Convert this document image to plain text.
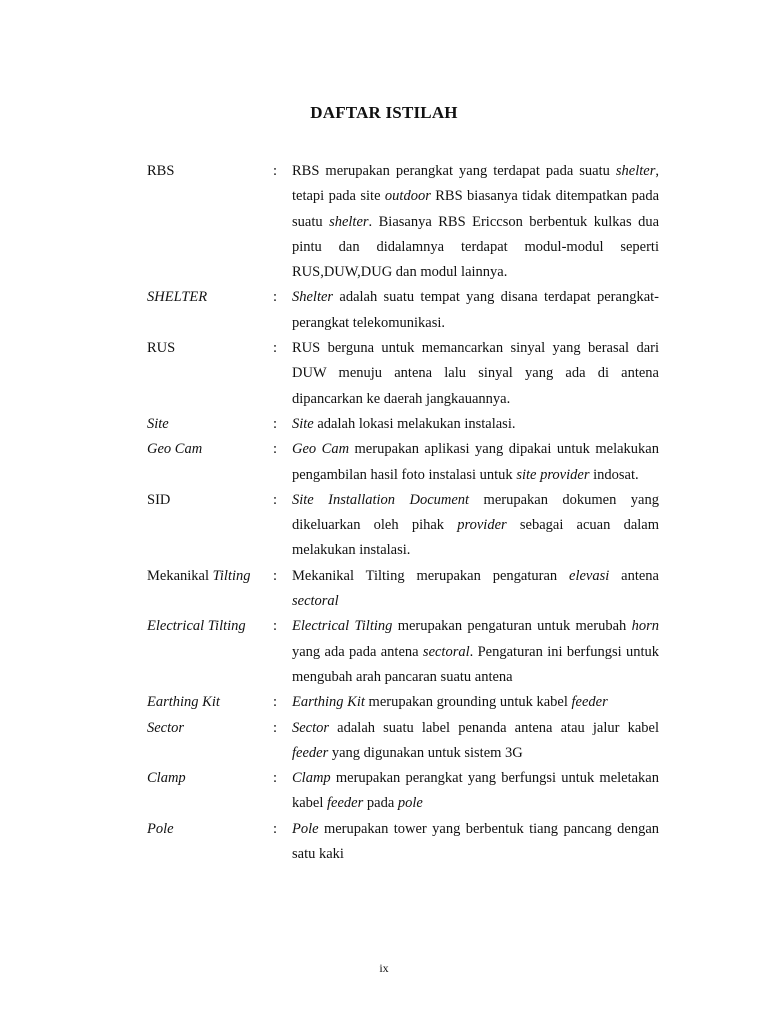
DAFTAR ISTILAH
RBS	:	RBS merupakan perangkat yang terdapat pada suatu shelter, tetapi pada site outdoor RBS biasanya tidak ditempatkan pada suatu shelter. Biasanya RBS Ericcson berbentuk kulkas dua pintu dan didalamnya terdapat modul-modul seperti RUS,DUW,DUG dan modul lainnya.
SHELTER	:	Shelter adalah suatu tempat yang disana terdapat perangkat-perangkat telekomunikasi.
RUS	:	RUS berguna untuk memancarkan sinyal yang berasal dari DUW menuju antena lalu sinyal yang ada di antena dipancarkan ke daerah jangkauannya.
Site	:	Site adalah lokasi melakukan instalasi.
Geo Cam	:	Geo Cam merupakan aplikasi yang dipakai untuk melakukan pengambilan hasil foto instalasi untuk site provider indosat.
SID	:	Site Installation Document merupakan dokumen yang dikeluarkan oleh pihak provider sebagai acuan dalam melakukan instalasi.
Mekanikal Tilting	:	Mekanikal Tilting merupakan pengaturan elevasi antena sectoral
Electrical Tilting	:	Electrical Tilting merupakan pengaturan untuk merubah horn yang ada pada antena sectoral. Pengaturan ini berfungsi untuk mengubah arah pancaran suatu antena
Earthing Kit	:	Earthing Kit merupakan grounding untuk kabel feeder
Sector	:	Sector adalah suatu label penanda antena atau jalur kabel feeder yang digunakan untuk sistem 3G
Clamp	:	Clamp merupakan perangkat yang berfungsi untuk meletakan kabel feeder pada pole
Pole	:	Pole merupakan tower yang berbentuk tiang pancang dengan satu kaki
ix
